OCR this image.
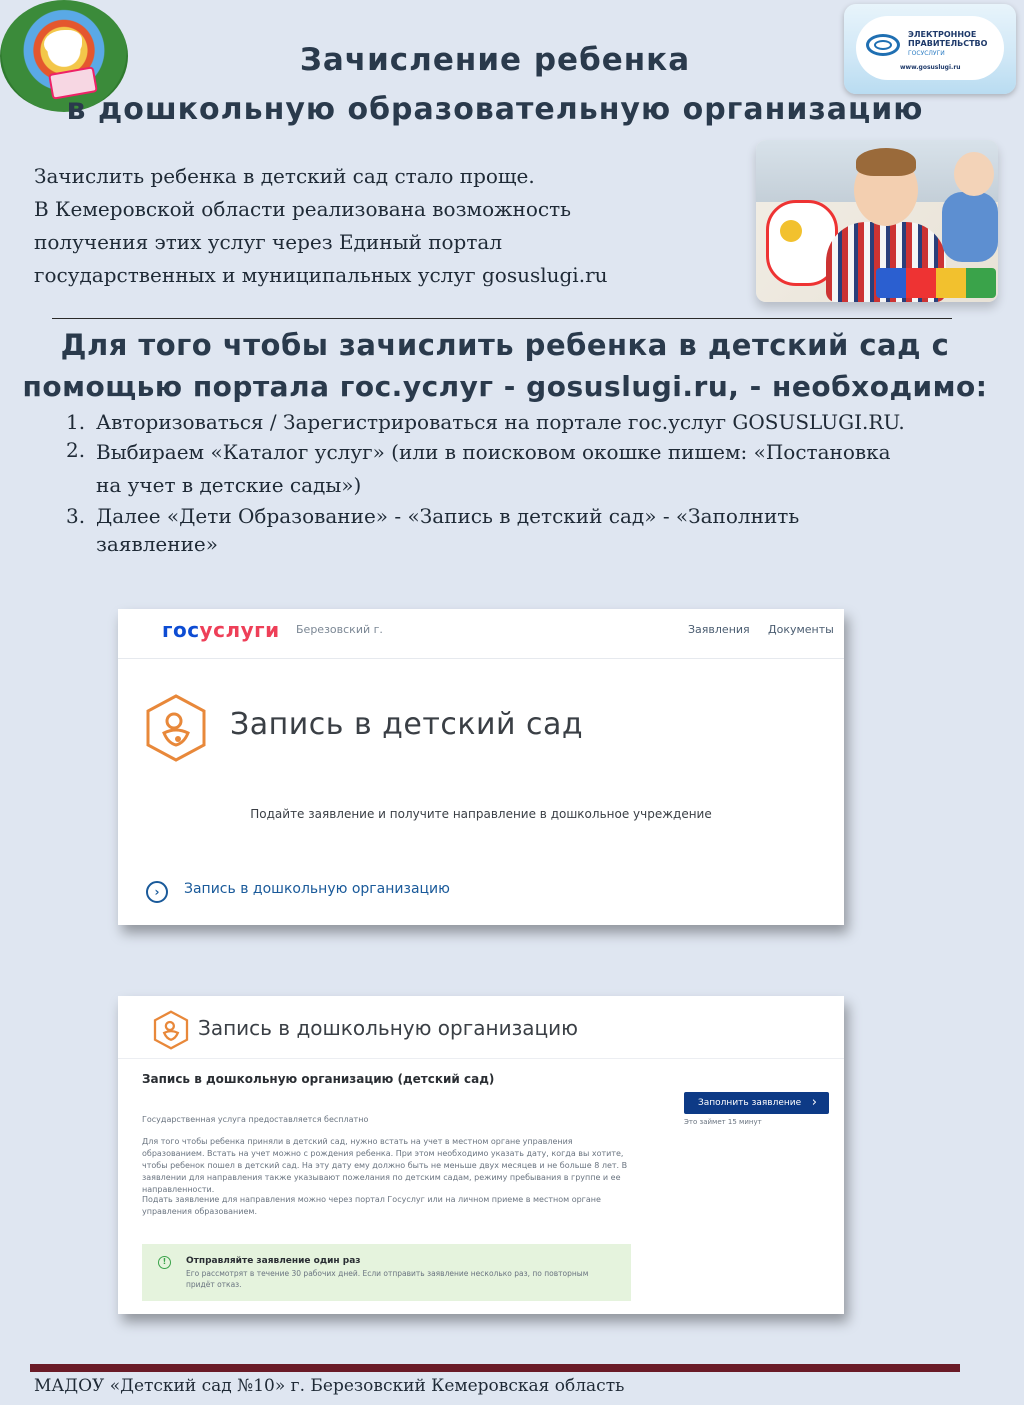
ЭЛЕКТРОННОЕ ПРАВИТЕЛЬСТВО
ГОСУСЛУГИ
www.gosuslugi.ru
Зачисление ребенка
в дошкольную образовательную организацию

Зачислить ребенка в детский сад стало проще.

В Кемеровской области реализована возможность

получения этих услуг через Единый портал

государственных и муниципальных услуг gosuslugi.ru

Для того чтобы зачислить ребенка в детский сад с
помощью портала гос.услуг - gosuslugi.ru, - необходимо:
1. Авторизоваться / Зарегистрироваться на портале гос.услуг GOSUSLUGI.RU.
2. Выбираем «Каталог услуг» (или в поисковом окошке пишем: «Постановка на учет в детские сады»)
3. Далее «Дети Образование» - «Запись в детский сад» - «Заполнить заявление»
госуслуги Березовский г.	Заявления Документы
Запись в детский сад
Подайте заявление и получите направление в дошкольное учреждение
›	Запись в дошкольную организацию
Запись в дошкольную организацию
Запись в дошкольную организацию (детский сад)
Государственная услуга предоставляется бесплатно
Для того чтобы ребенка приняли в детский сад, нужно встать на учет в местном органе управления образованием. Встать на учет можно с рождения ребенка. При этом необходимо указать дату, когда вы хотите, чтобы ребенок пошел в детский сад. На эту дату ему должно быть не меньше двух месяцев и не больше 8 лет. В заявлении для направления также указывают пожелания по детским садам, режиму пребывания в группе и ее направленности.
Подать заявление для направления можно через портал Госуслуг или на личном приеме в местном органе управления образованием.
Заполнить заявление ›
Это займет 15 минут
!	Отправляйте заявление один раз
Его рассмотрят в течение 30 рабочих дней. Если отправить заявление несколько раз, по повторным придёт отказ.
МАДОУ «Детский сад №10» г. Березовский Кемеровская область
